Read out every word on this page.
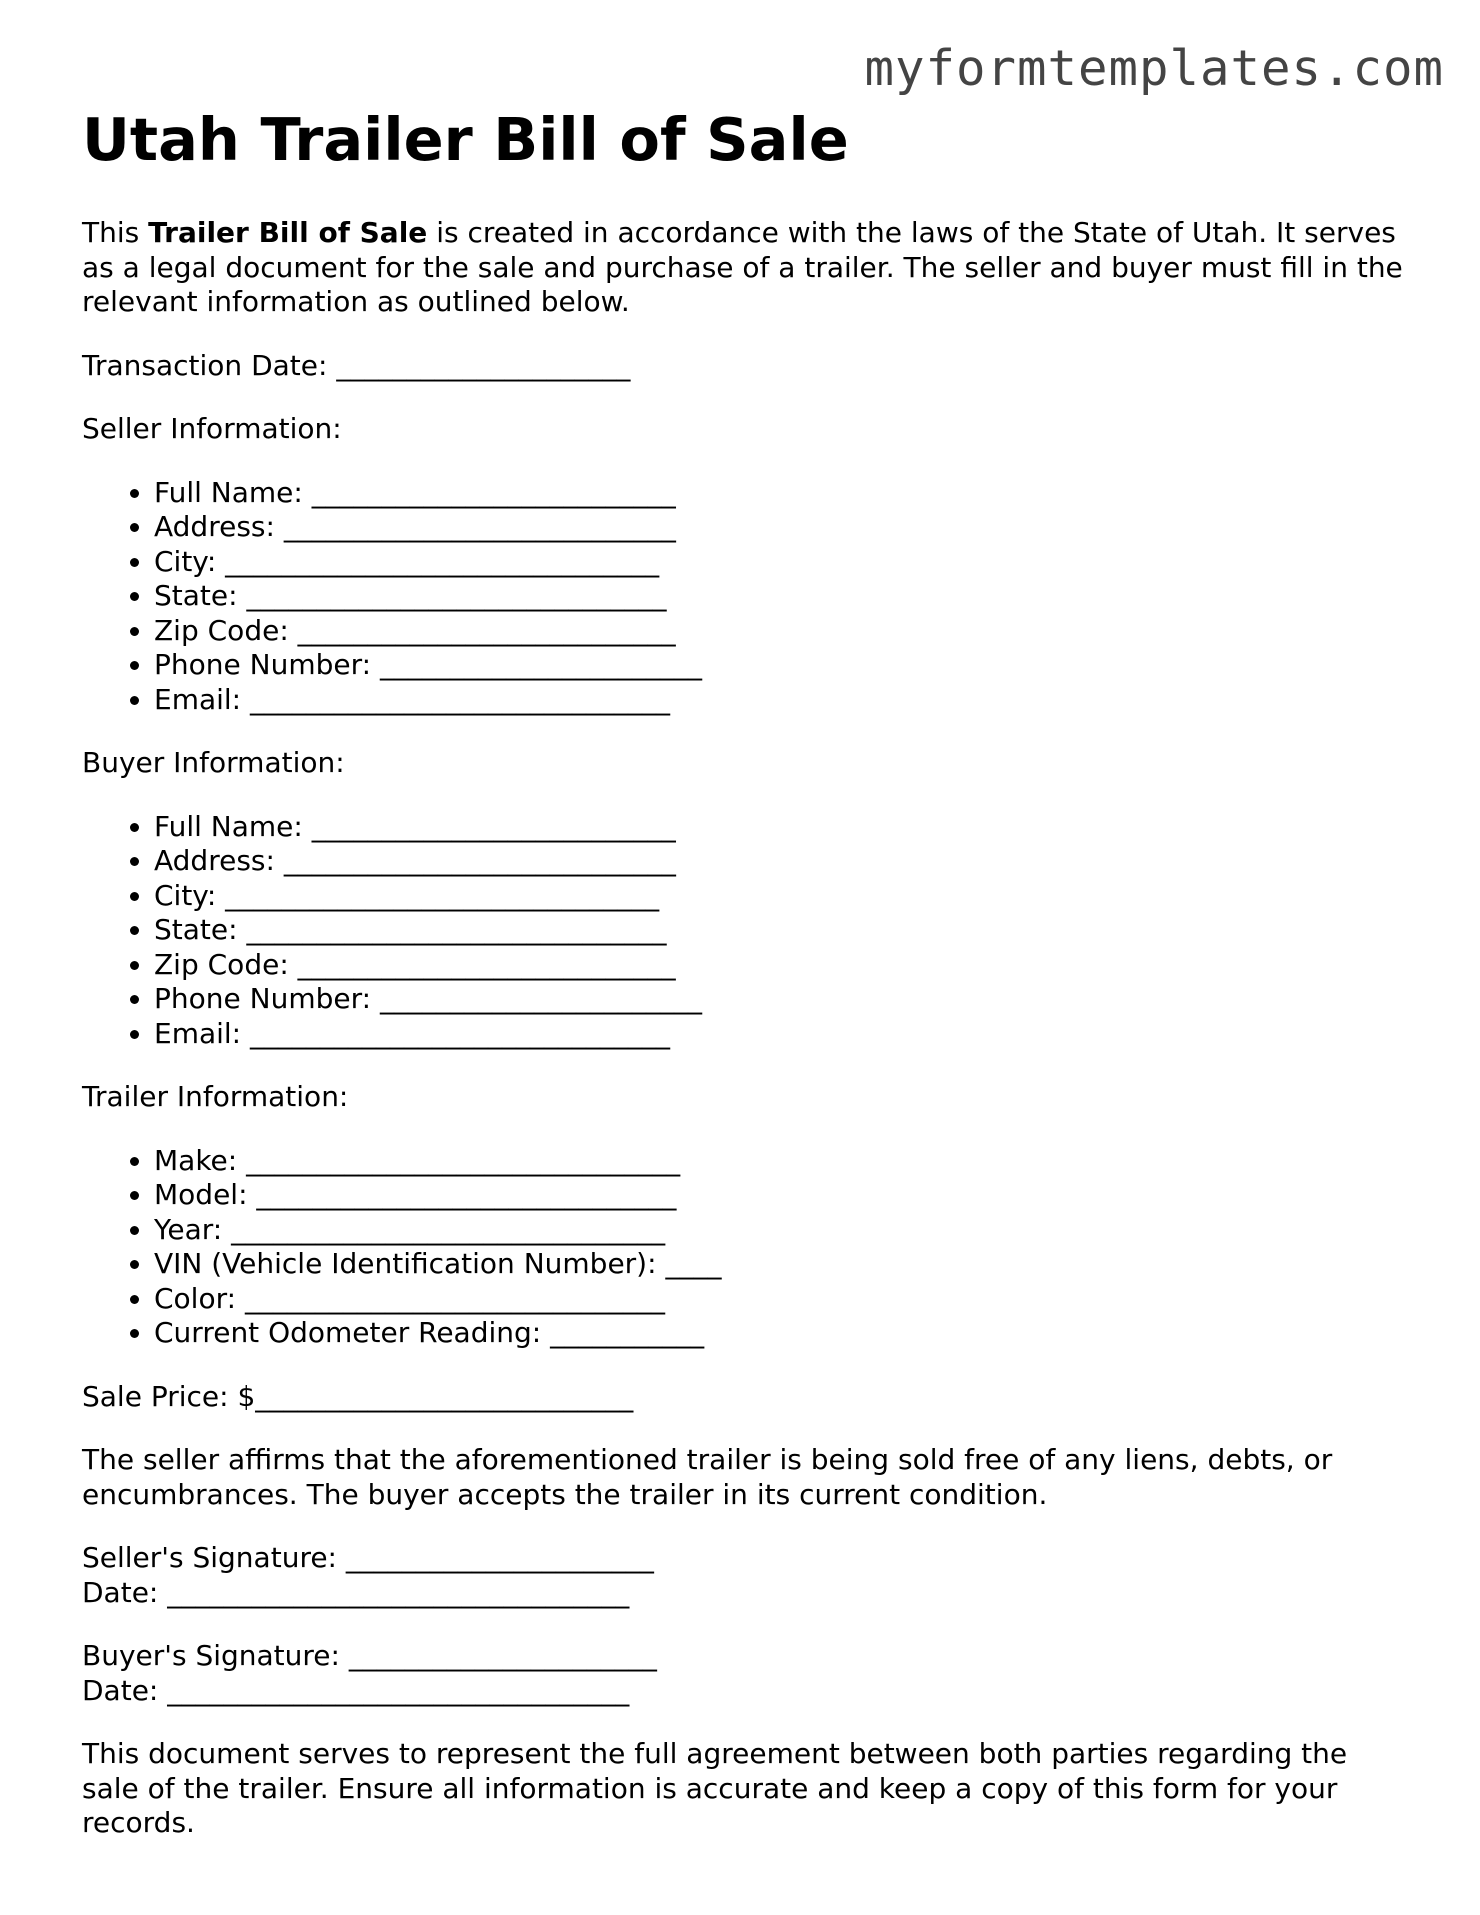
myformtemplates.com
Utah Trailer Bill of Sale

This Trailer Bill of Sale is created in accordance with the laws of the State of Utah. It serves as a legal document for the sale and purchase of a trailer. The seller and buyer must fill in the relevant information as outlined below.

Transaction Date: _____________________

Seller Information:

• Full Name: __________________________
• Address: ____________________________
• City: _______________________________
• State: ______________________________
• Zip Code: ___________________________
• Phone Number: _______________________
• Email: ______________________________

Buyer Information:

• Full Name: __________________________
• Address: ____________________________
• City: _______________________________
• State: ______________________________
• Zip Code: ___________________________
• Phone Number: _______________________
• Email: ______________________________

Trailer Information:

• Make: _______________________________
• Model: ______________________________
• Year: _______________________________
• VIN (Vehicle Identification Number): ____
• Color: ______________________________
• Current Odometer Reading: ___________

Sale Price: $___________________________

The seller affirms that the aforementioned trailer is being sold free of any liens, debts, or encumbrances. The buyer accepts the trailer in its current condition.

Seller's Signature: ______________________

Date: _________________________________

Buyer's Signature: ______________________

Date: _________________________________

This document serves to represent the full agreement between both parties regarding the sale of the trailer. Ensure all information is accurate and keep a copy of this form for your records.
